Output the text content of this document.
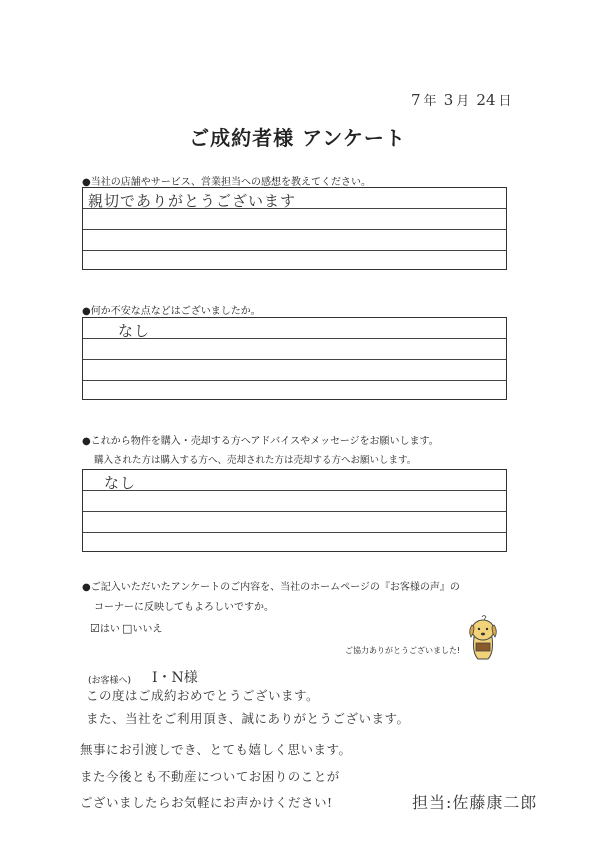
7 年 3 月 24 日
ご成約者様 アンケート
●当社の店舗やサービス、営業担当への感想を教えてください。
親切でありがとうございます
●何か不安な点などはございましたか。
なし
●これから物件を購入・売却する方へアドバイスやメッセージをお願いします。
購入された方は購入する方へ、売却された方は売却する方へお願いします。
なし
●ご記入いただいたアンケートのご内容を、当社のホームページの『お客様の声』の
コーナーに反映してもよろしいですか。
☑はい □いいえ
ご協力ありがとうございました!
(お客様へ) I・N様
この度はご成約おめでとうございます。
また、当社をご利用頂き、誠にありがとうございます。
無事にお引渡しでき、とても嬉しく思います。
また今後とも不動産についてお困りのことが
ございましたらお気軽にお声かけください!	担当:佐藤康二郎
